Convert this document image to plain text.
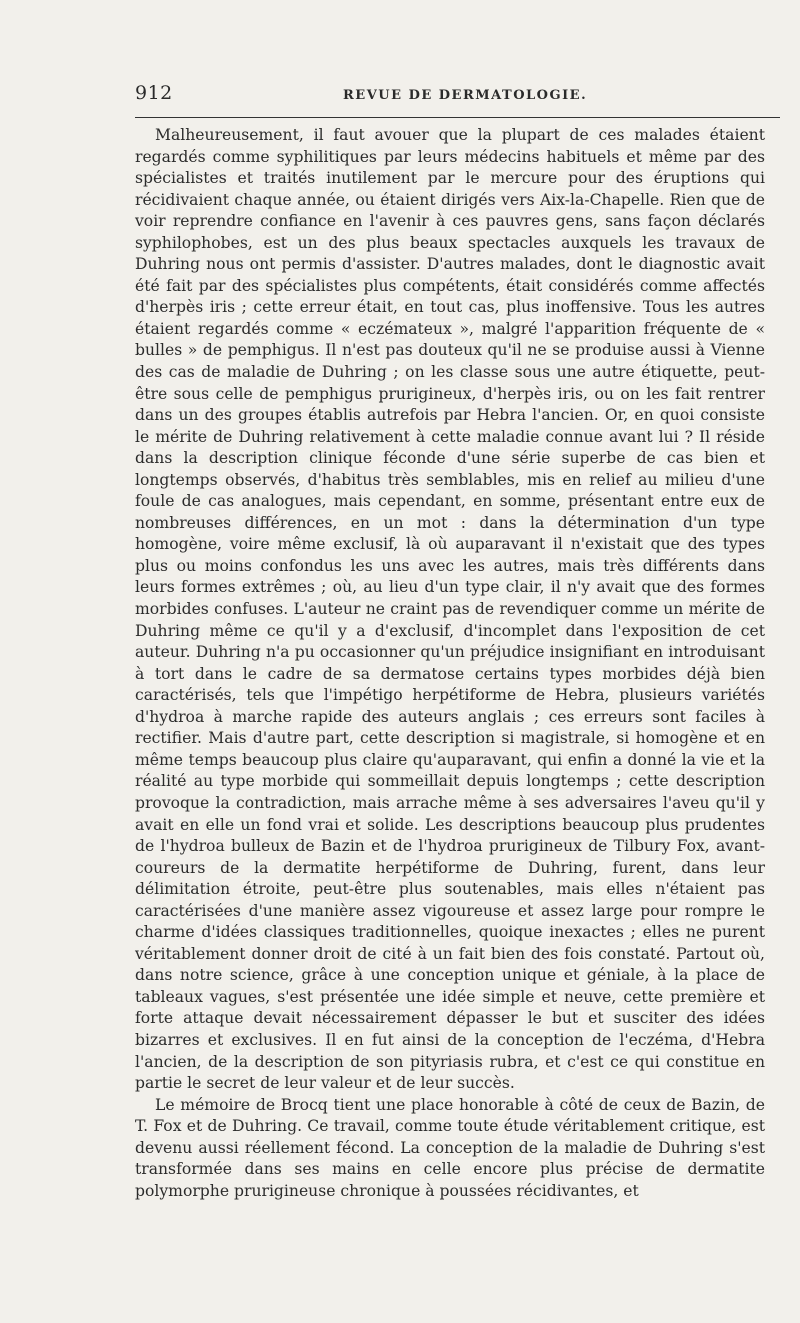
912	REVUE DE DERMATOLOGIE.

Malheureusement, il faut avouer que la plupart de ces malades étaient regardés comme syphilitiques par leurs médecins habituels et même par des spécialistes et traités inutilement par le mercure pour des éruptions qui récidivaient chaque année, ou étaient dirigés vers Aix-la-Chapelle. Rien que de voir reprendre confiance en l'avenir à ces pauvres gens, sans façon déclarés syphilophobes, est un des plus beaux spectacles auxquels les travaux de Duhring nous ont permis d'assister. D'autres malades, dont le diagnostic avait été fait par des spécialistes plus compétents, était considérés comme affectés d'herpès iris ; cette erreur était, en tout cas, plus inoffensive. Tous les autres étaient regardés comme « eczémateux », malgré l'apparition fréquente de « bulles » de pemphigus. Il n'est pas douteux qu'il ne se produise aussi à Vienne des cas de maladie de Duhring ; on les classe sous une autre étiquette, peut-être sous celle de pemphigus prurigineux, d'herpès iris, ou on les fait rentrer dans un des groupes établis autrefois par Hebra l'ancien. Or, en quoi consiste le mérite de Duhring relativement à cette maladie connue avant lui ? Il réside dans la description clinique féconde d'une série superbe de cas bien et longtemps observés, d'habitus très semblables, mis en relief au milieu d'une foule de cas analogues, mais cependant, en somme, présentant entre eux de nombreuses différences, en un mot : dans la détermination d'un type homogène, voire même exclusif, là où auparavant il n'existait que des types plus ou moins confondus les uns avec les autres, mais très différents dans leurs formes extrêmes ; où, au lieu d'un type clair, il n'y avait que des formes morbides confuses. L'auteur ne craint pas de revendiquer comme un mérite de Duhring même ce qu'il y a d'exclusif, d'incomplet dans l'exposition de cet auteur. Duhring n'a pu occasionner qu'un préjudice insignifiant en introduisant à tort dans le cadre de sa dermatose certains types morbides déjà bien caractérisés, tels que l'impétigo herpétiforme de Hebra, plusieurs variétés d'hydroa à marche rapide des auteurs anglais ; ces erreurs sont faciles à rectifier. Mais d'autre part, cette description si magistrale, si homogène et en même temps beaucoup plus claire qu'auparavant, qui enfin a donné la vie et la réalité au type morbide qui sommeillait depuis longtemps ; cette description provoque la contradiction, mais arrache même à ses adversaires l'aveu qu'il y avait en elle un fond vrai et solide. Les descriptions beaucoup plus prudentes de l'hydroa bulleux de Bazin et de l'hydroa prurigineux de Tilbury Fox, avant-coureurs de la dermatite herpétiforme de Duhring, furent, dans leur délimitation étroite, peut-être plus soutenables, mais elles n'étaient pas caractérisées d'une manière assez vigoureuse et assez large pour rompre le charme d'idées classiques traditionnelles, quoique inexactes ; elles ne purent véritablement donner droit de cité à un fait bien des fois constaté. Partout où, dans notre science, grâce à une conception unique et géniale, à la place de tableaux vagues, s'est présentée une idée simple et neuve, cette première et forte attaque devait nécessairement dépasser le but et susciter des idées bizarres et exclusives. Il en fut ainsi de la conception de l'eczéma, d'Hebra l'ancien, de la description de son pityriasis rubra, et c'est ce qui constitue en partie le secret de leur valeur et de leur succès.

Le mémoire de Brocq tient une place honorable à côté de ceux de Bazin, de T. Fox et de Duhring. Ce travail, comme toute étude véritablement critique, est devenu aussi réellement fécond. La conception de la maladie de Duhring s'est transformée dans ses mains en celle encore plus précise de dermatite polymorphe prurigineuse chronique à poussées récidivantes, et
